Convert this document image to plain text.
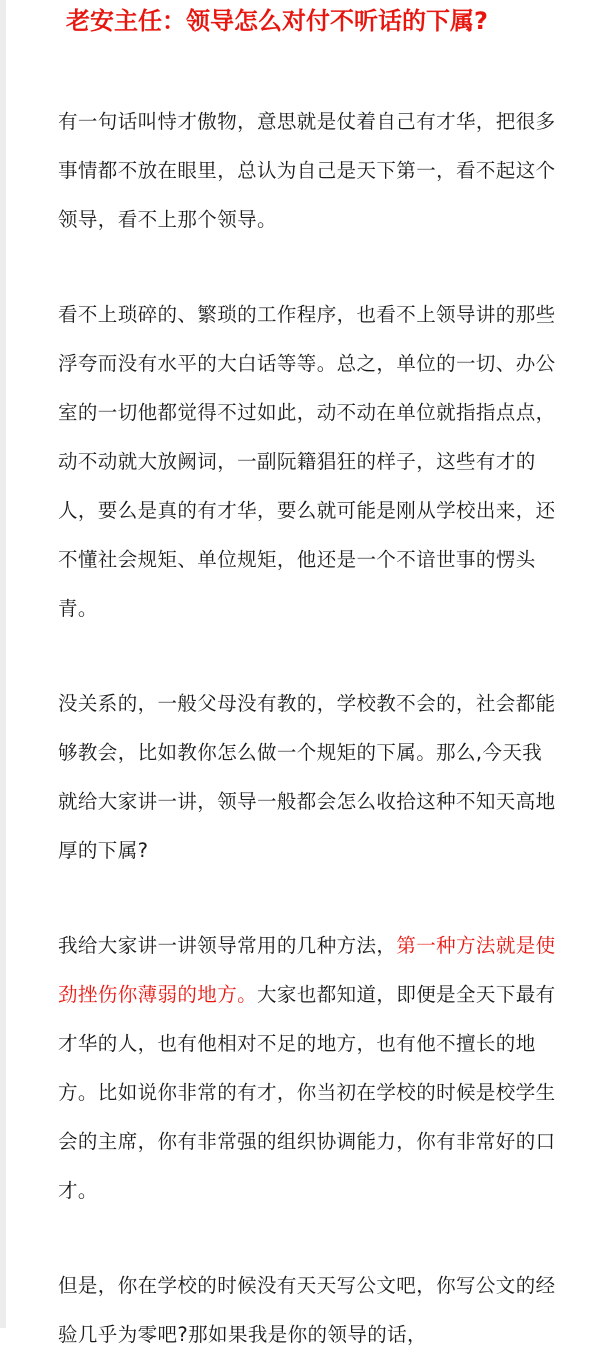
老安主任：领导怎么对付不听话的下属?

有一句话叫恃才傲物，意思就是仗着自己有才华，把很多事情都不放在眼里，总认为自己是天下第一，看不起这个领导，看不上那个领导。

看不上琐碎的、繁琐的工作程序，也看不上领导讲的那些浮夸而没有水平的大白话等等。总之，单位的一切、办公室的一切他都觉得不过如此，动不动在单位就指指点点，动不动就大放阙词，一副阮籍猖狂的样子，这些有才的人，要么是真的有才华，要么就可能是刚从学校出来，还不懂社会规矩、单位规矩，他还是一个不谙世事的愣头青。

没关系的，一般父母没有教的，学校教不会的，社会都能够教会，比如教你怎么做一个规矩的下属。那么,今天我就给大家讲一讲，领导一般都会怎么收拾这种不知天高地厚的下属?

我给大家讲一讲领导常用的几种方法，第一种方法就是使劲挫伤你薄弱的地方。大家也都知道，即便是全天下最有才华的人，也有他相对不足的地方，也有他不擅长的地方。比如说你非常的有才，你当初在学校的时候是校学生会的主席，你有非常强的组织协调能力，你有非常好的口才。

但是，你在学校的时候没有天天写公文吧，你写公文的经验几乎为零吧?那如果我是你的领导的话，
